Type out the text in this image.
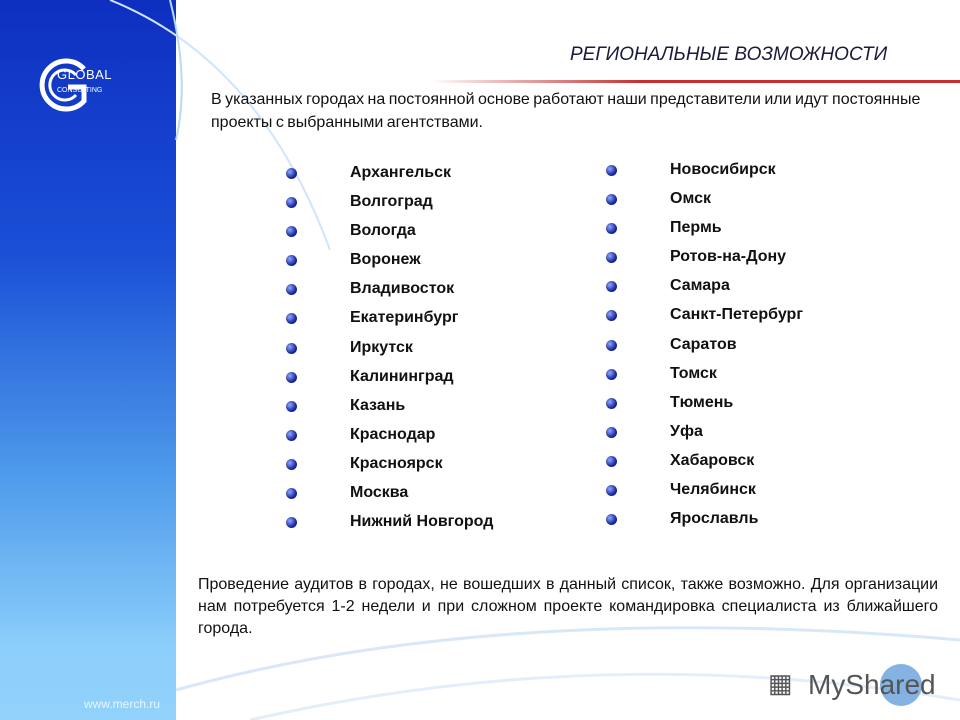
GLOBAL
CONSULTING
www.merch.ru
РЕГИОНАЛЬНЫЕ ВОЗМОЖНОСТИ
В указанных городах на постоянной основе работают наши представители или идут постоянные проекты с выбранными агентствами.
Архангельск
Волгоград
Вологда
Воронеж
Владивосток
Екатеринбург
Иркутск
Калининград
Казань
Краснодар
Красноярск
Москва
Нижний Новгород
Новосибирск
Омск
Пермь
Ротов-на-Дону
Самара
Санкт-Петербург
Саратов
Томск
Тюмень
Уфа
Хабаровск
Челябинск
Ярославль
Проведение аудитов в городах, не вошедших в данный список, также возможно. Для организации нам потребуется 1-2 недели и при сложном проекте командировка специалиста из ближайшего города.
▦ MyShared
